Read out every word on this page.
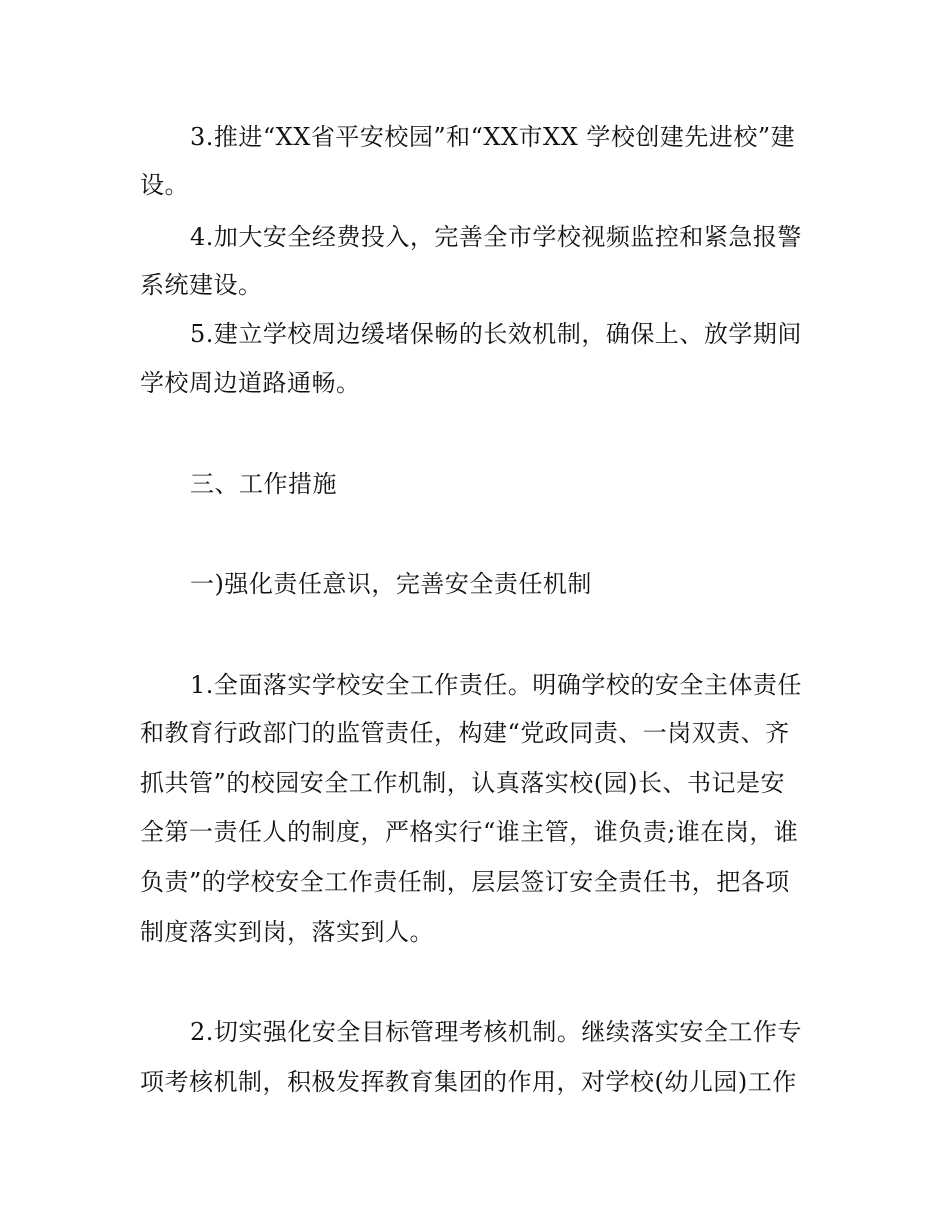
3.推进“XX省平安校园”和“XX市XX 学校创建先进校”建
设。
4.加大安全经费投入，完善全市学校视频监控和紧急报警
系统建设。
5.建立学校周边缓堵保畅的长效机制，确保上、放学期间
学校周边道路通畅。
三、工作措施
一)强化责任意识，完善安全责任机制
1.全面落实学校安全工作责任。明确学校的安全主体责任
和教育行政部门的监管责任，构建“党政同责、一岗双责、齐
抓共管”的校园安全工作机制，认真落实校(园)长、书记是安
全第一责任人的制度，严格实行“谁主管，谁负责;谁在岗，谁
负责”的学校安全工作责任制，层层签订安全责任书，把各项
制度落实到岗，落实到人。
2.切实强化安全目标管理考核机制。继续落实安全工作专
项考核机制，积极发挥教育集团的作用，对学校(幼儿园)工作
